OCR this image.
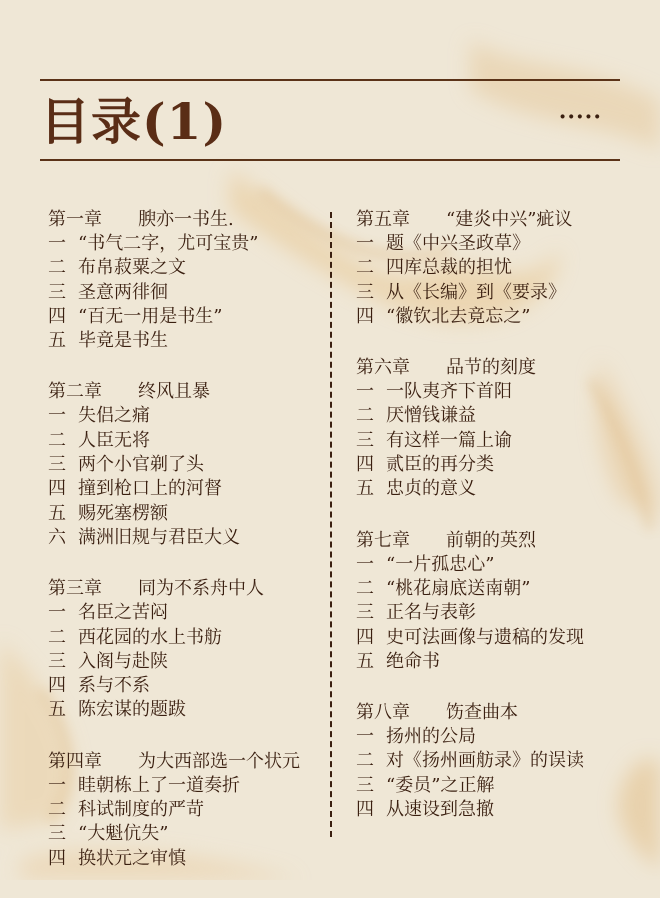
目录(1)	·····
第一章	腴亦一书生.
一 “书气二字，尤可宝贵”
二 布帛菽粟之文
三 圣意两徘徊
四 “百无一用是书生”
五 毕竟是书生
第二章	终风且暴
一 失侣之痛
二 人臣无将
三 两个小官剃了头
四 撞到枪口上的河督
五 赐死塞楞额
六 满洲旧规与君臣大义
第三章	同为不系舟中人
一 名臣之苦闷
二 西花园的水上书舫
三 入阁与赴陕
四 系与不系
五 陈宏谋的题跋
第四章	为大西部选一个状元
一 眭朝栋上了一道奏折
二 科试制度的严苛
三 “大魁伉失”
四 换状元之审慎
第五章	“建炎中兴”疵议
一 题《中兴圣政草》
二 四库总裁的担忧
三 从《长编》到《要录》
四 “徽钦北去竟忘之”
第六章	品节的刻度
一 一队夷齐下首阳
二 厌憎钱谦益
三 有这样一篇上谕
四 贰臣的再分类
五 忠贞的意义
第七章	前朝的英烈
一 “一片孤忠心”
二 “桃花扇底送南朝”
三 正名与表彰
四 史可法画像与遗稿的发现
五 绝命书
第八章	饬查曲本
一 扬州的公局
二 对《扬州画舫录》的误读
三 “委员”之正解
四 从速设到急撤
